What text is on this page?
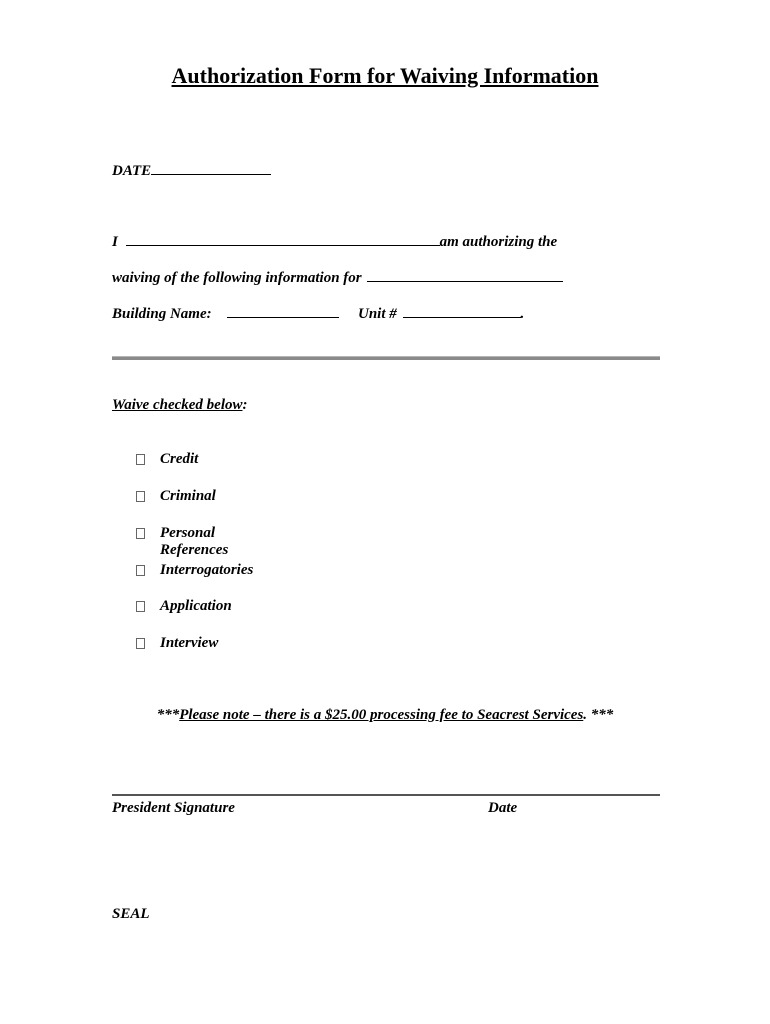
Authorization Form for Waiving Information
DATE
I	am authorizing the
waiving of the following information for
Building Name:	Unit #	.
Waive checked below:
Credit
Criminal
Personal References
Interrogatories
Application
Interview
***Please note – there is a $25.00 processing fee to Seacrest Services. ***
President Signature	Date
SEAL
